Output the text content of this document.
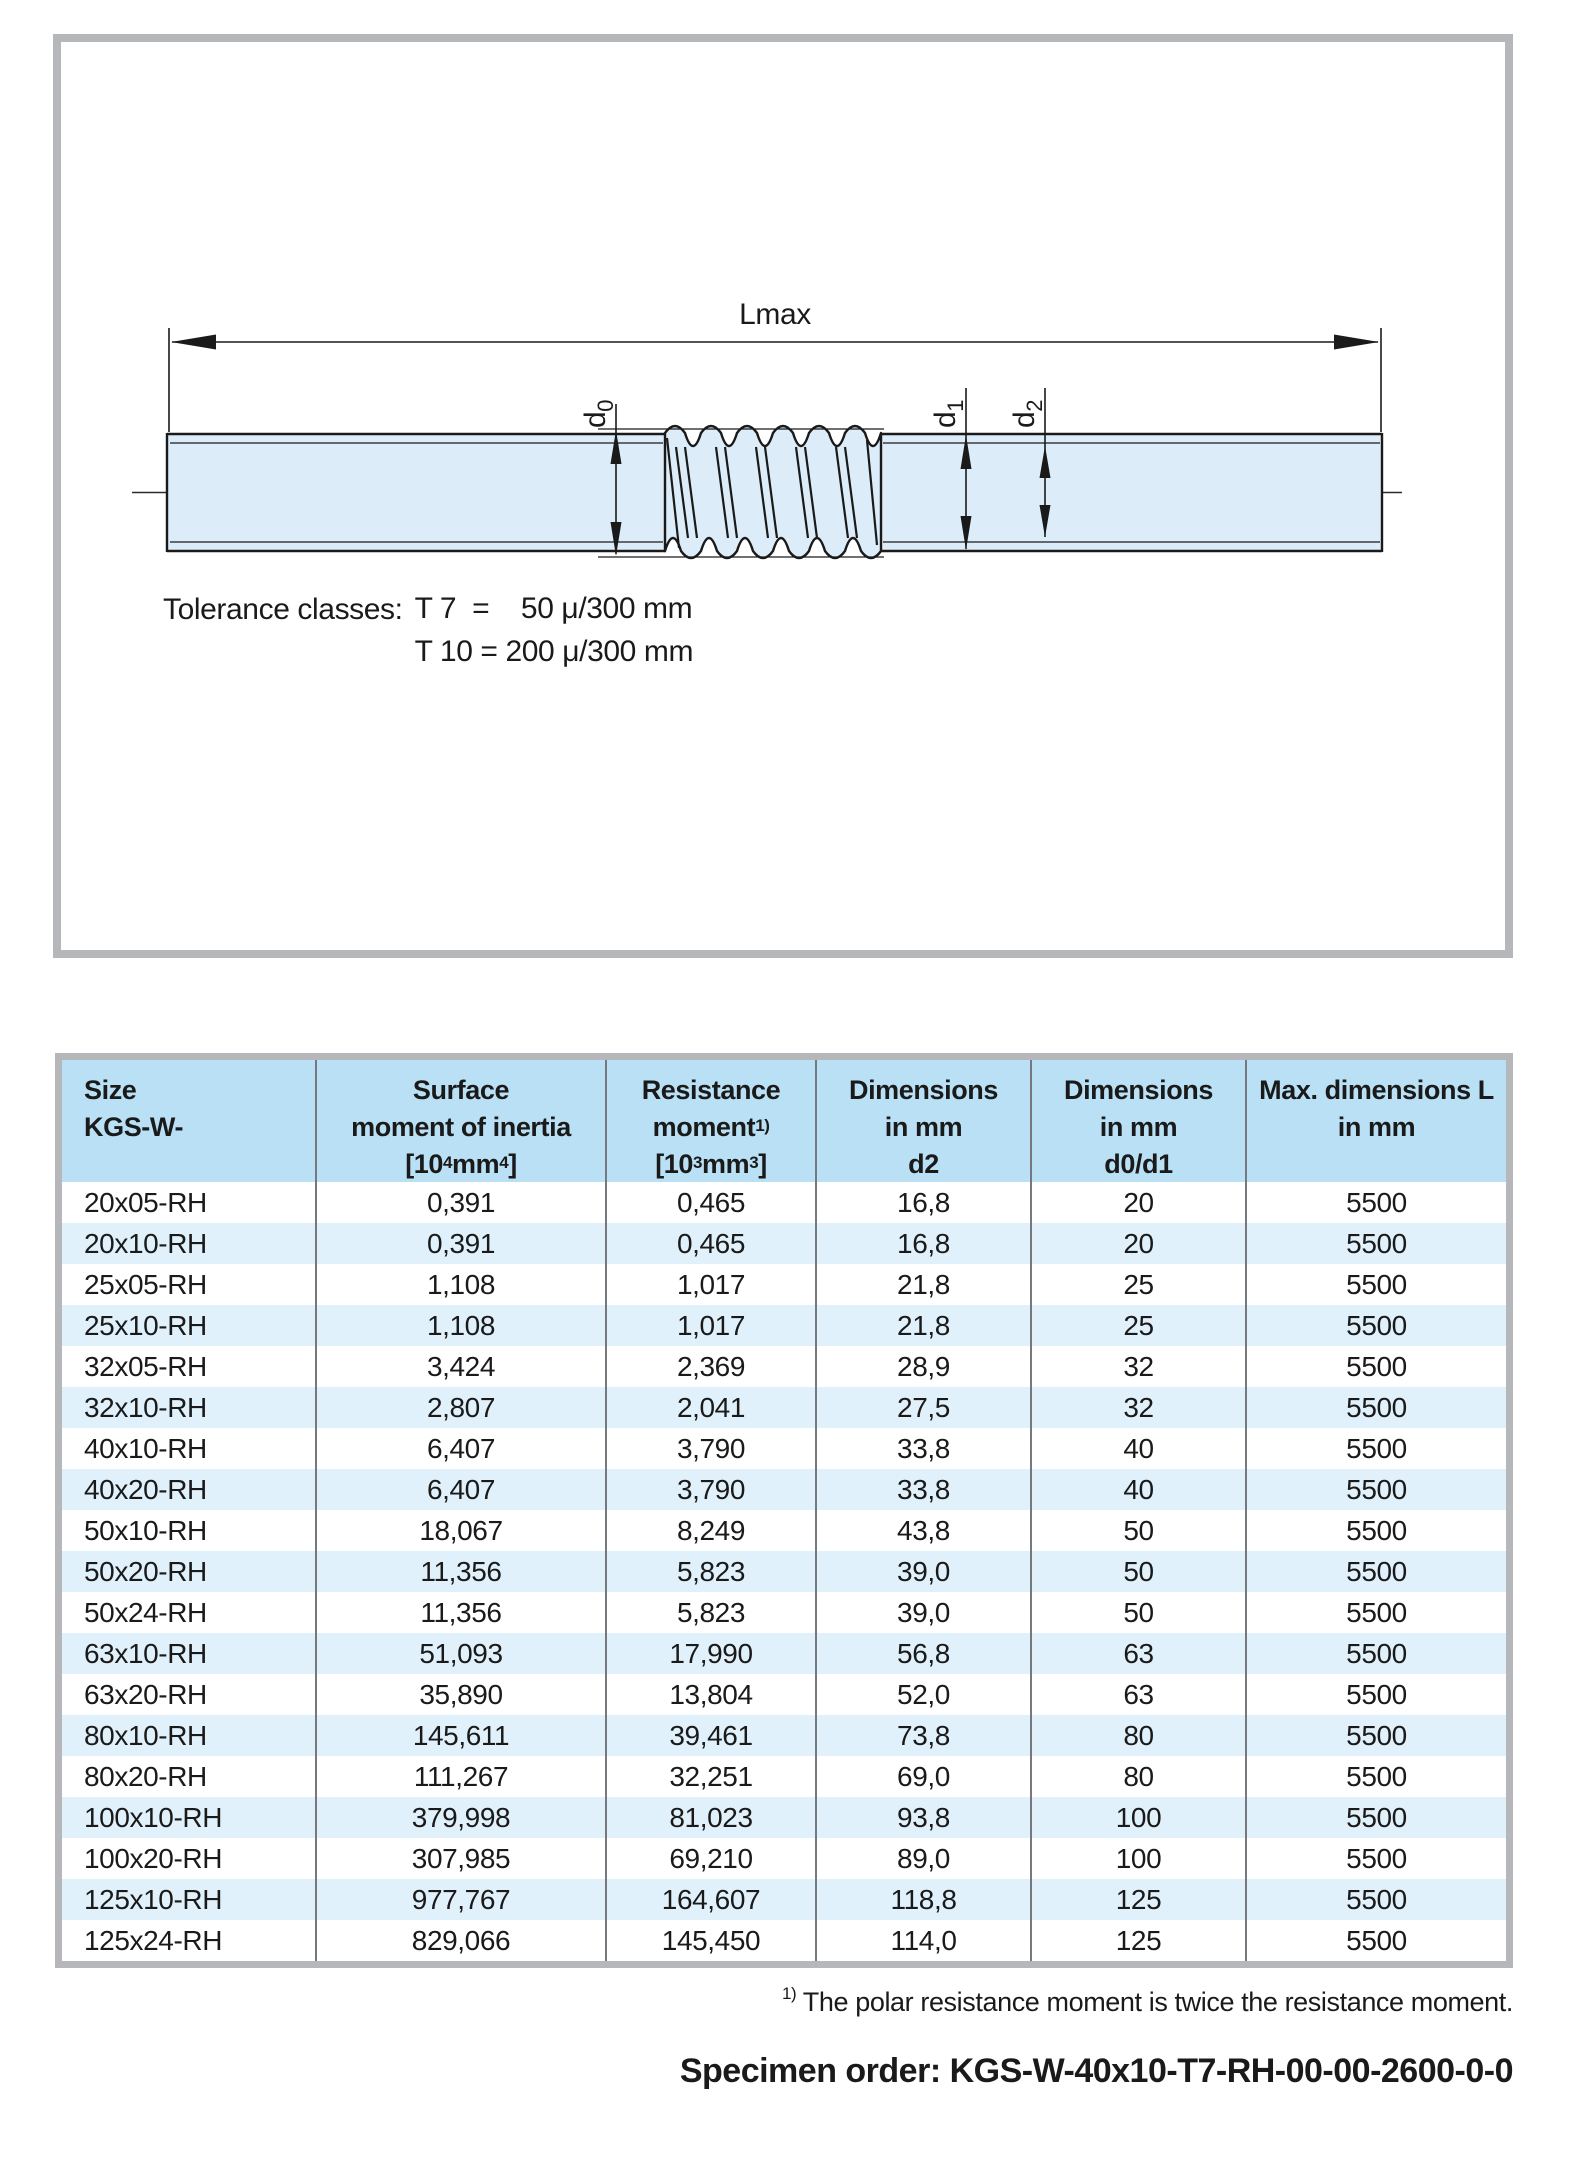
Lmax
$d_0$
$d_1$
$d_2$
Tolerance classes: T 7  =    50 μ/300 mm
T 10 = 200 μ/300 mm
Size
KGS-W-
Surface
moment of inertia
[$10^4$ $mm^4$ ]
Resistance
moment $^{1)}$
[$10^3$ $mm^3$ ]
Dimensions
in mm
d2
Dimensions
in mm
d0/d1
Max. dimensions L
in mm
20x05-RH	0,391	0,465	16,8	20	5500
20x10-RH	0,391	0,465	16,8	20	5500
25x05-RH	1,108	1,017	21,8	25	5500
25x10-RH	1,108	1,017	21,8	25	5500
32x05-RH	3,424	2,369	28,9	32	5500
32x10-RH	2,807	2,041	27,5	32	5500
40x10-RH	6,407	3,790	33,8	40	5500
40x20-RH	6,407	3,790	33,8	40	5500
50x10-RH	18,067	8,249	43,8	50	5500
50x20-RH	11,356	5,823	39,0	50	5500
50x24-RH	11,356	5,823	39,0	50	5500
63x10-RH	51,093	17,990	56,8	63	5500
63x20-RH	35,890	13,804	52,0	63	5500
80x10-RH	145,611	39,461	73,8	80	5500
80x20-RH	111,267	32,251	69,0	80	5500
100x10-RH	379,998	81,023	93,8	100	5500
100x20-RH	307,985	69,210	89,0	100	5500
125x10-RH	977,767	164,607	118,8	125	5500
125x24-RH	829,066	145,450	114,0	125	5500
$^{1)}$ The polar resistance moment is twice the resistance moment.
Specimen order: KGS-W-40x10-T7-RH-00-00-2600-0-0
